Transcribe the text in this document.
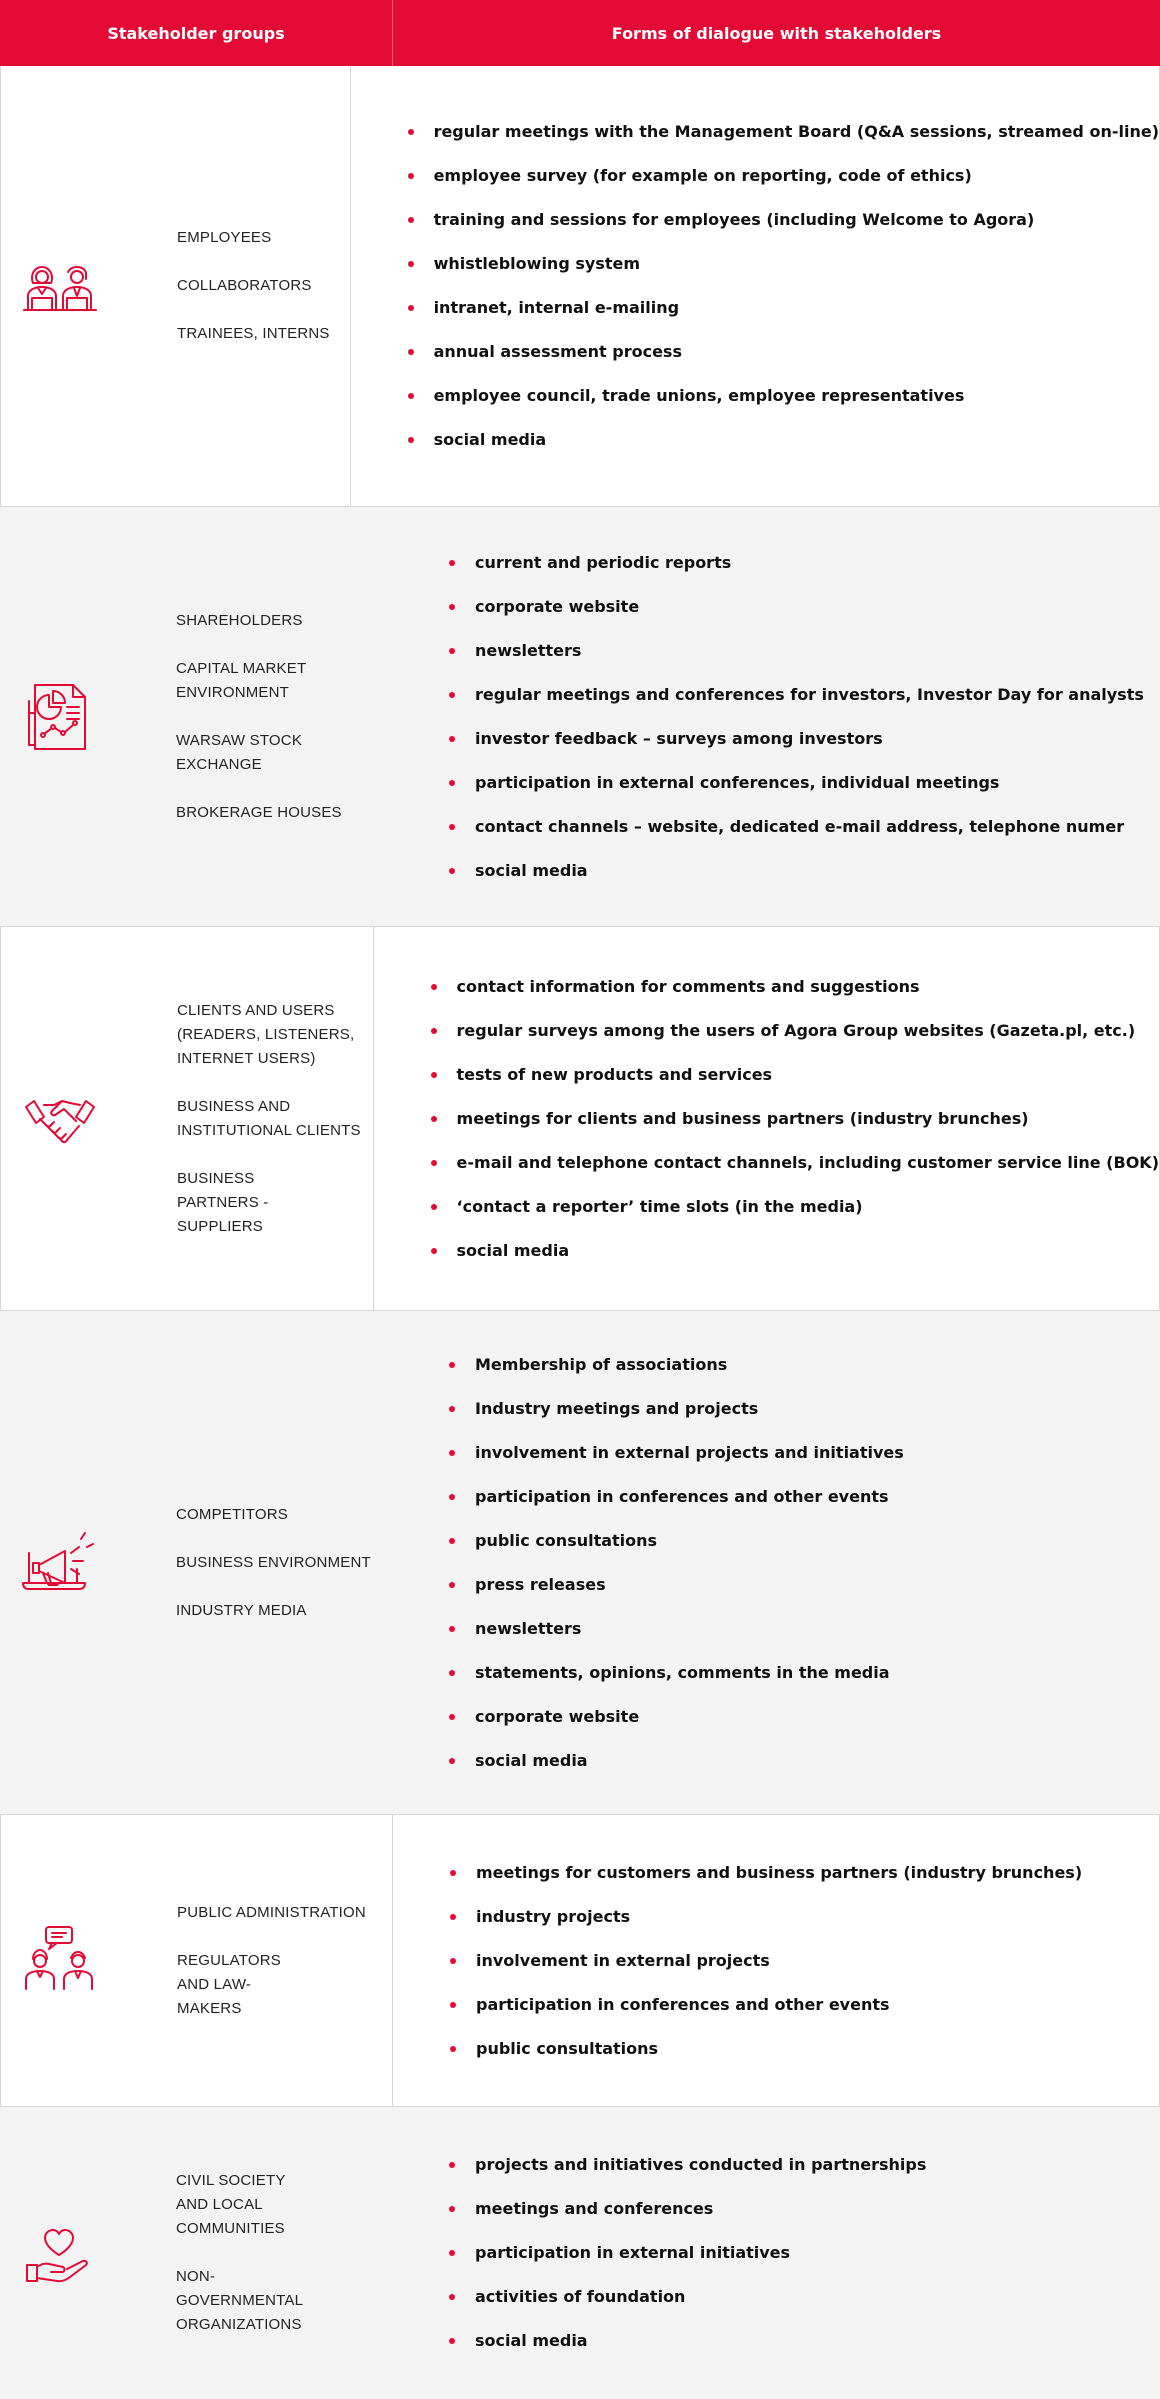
Stakeholder groups	Forms of dialogue with stakeholders
EMPLOYEES
COLLABORATORS
TRAINEES, INTERNS
regular meetings with the Management Board (Q&A sessions, streamed on-line)
employee survey (for example on reporting, code of ethics)
training and sessions for employees (including Welcome to Agora)
whistleblowing system
intranet, internal e-mailing
annual assessment process
employee council, trade unions, employee representatives
social media
SHAREHOLDERS
CAPITAL MARKET ENVIRONMENT
WARSAW STOCK EXCHANGE
BROKERAGE HOUSES
current and periodic reports
corporate website
newsletters
regular meetings and conferences for investors, Investor Day for analysts
investor feedback – surveys among investors
participation in external conferences, individual meetings
contact channels – website, dedicated e-mail address, telephone numer
social media
CLIENTS AND USERS (READERS, LISTENERS, INTERNET USERS)
BUSINESS AND INSTITUTIONAL CLIENTS
BUSINESS PARTNERS - SUPPLIERS
contact information for comments and suggestions
regular surveys among the users of Agora Group websites (Gazeta.pl, etc.)
tests of new products and services
meetings for clients and business partners (industry brunches)
e-mail and telephone contact channels, including customer service line (BOK)
‘contact a reporter’ time slots (in the media)
social media
COMPETITORS
BUSINESS ENVIRONMENT
INDUSTRY MEDIA
Membership of associations
Industry meetings and projects
involvement in external projects and initiatives
participation in conferences and other events
public consultations
press releases
newsletters
statements, opinions, comments in the media
corporate website
social media
PUBLIC ADMINISTRATION
REGULATORS AND LAW- MAKERS
meetings for customers and business partners (industry brunches)
industry projects
involvement in external projects
participation in conferences and other events
public consultations
CIVIL SOCIETY AND LOCAL COMMUNITIES
NON-GOVERNMENTAL ORGANIZATIONS
projects and initiatives conducted in partnerships
meetings and conferences
participation in external initiatives
activities of foundation
social media
